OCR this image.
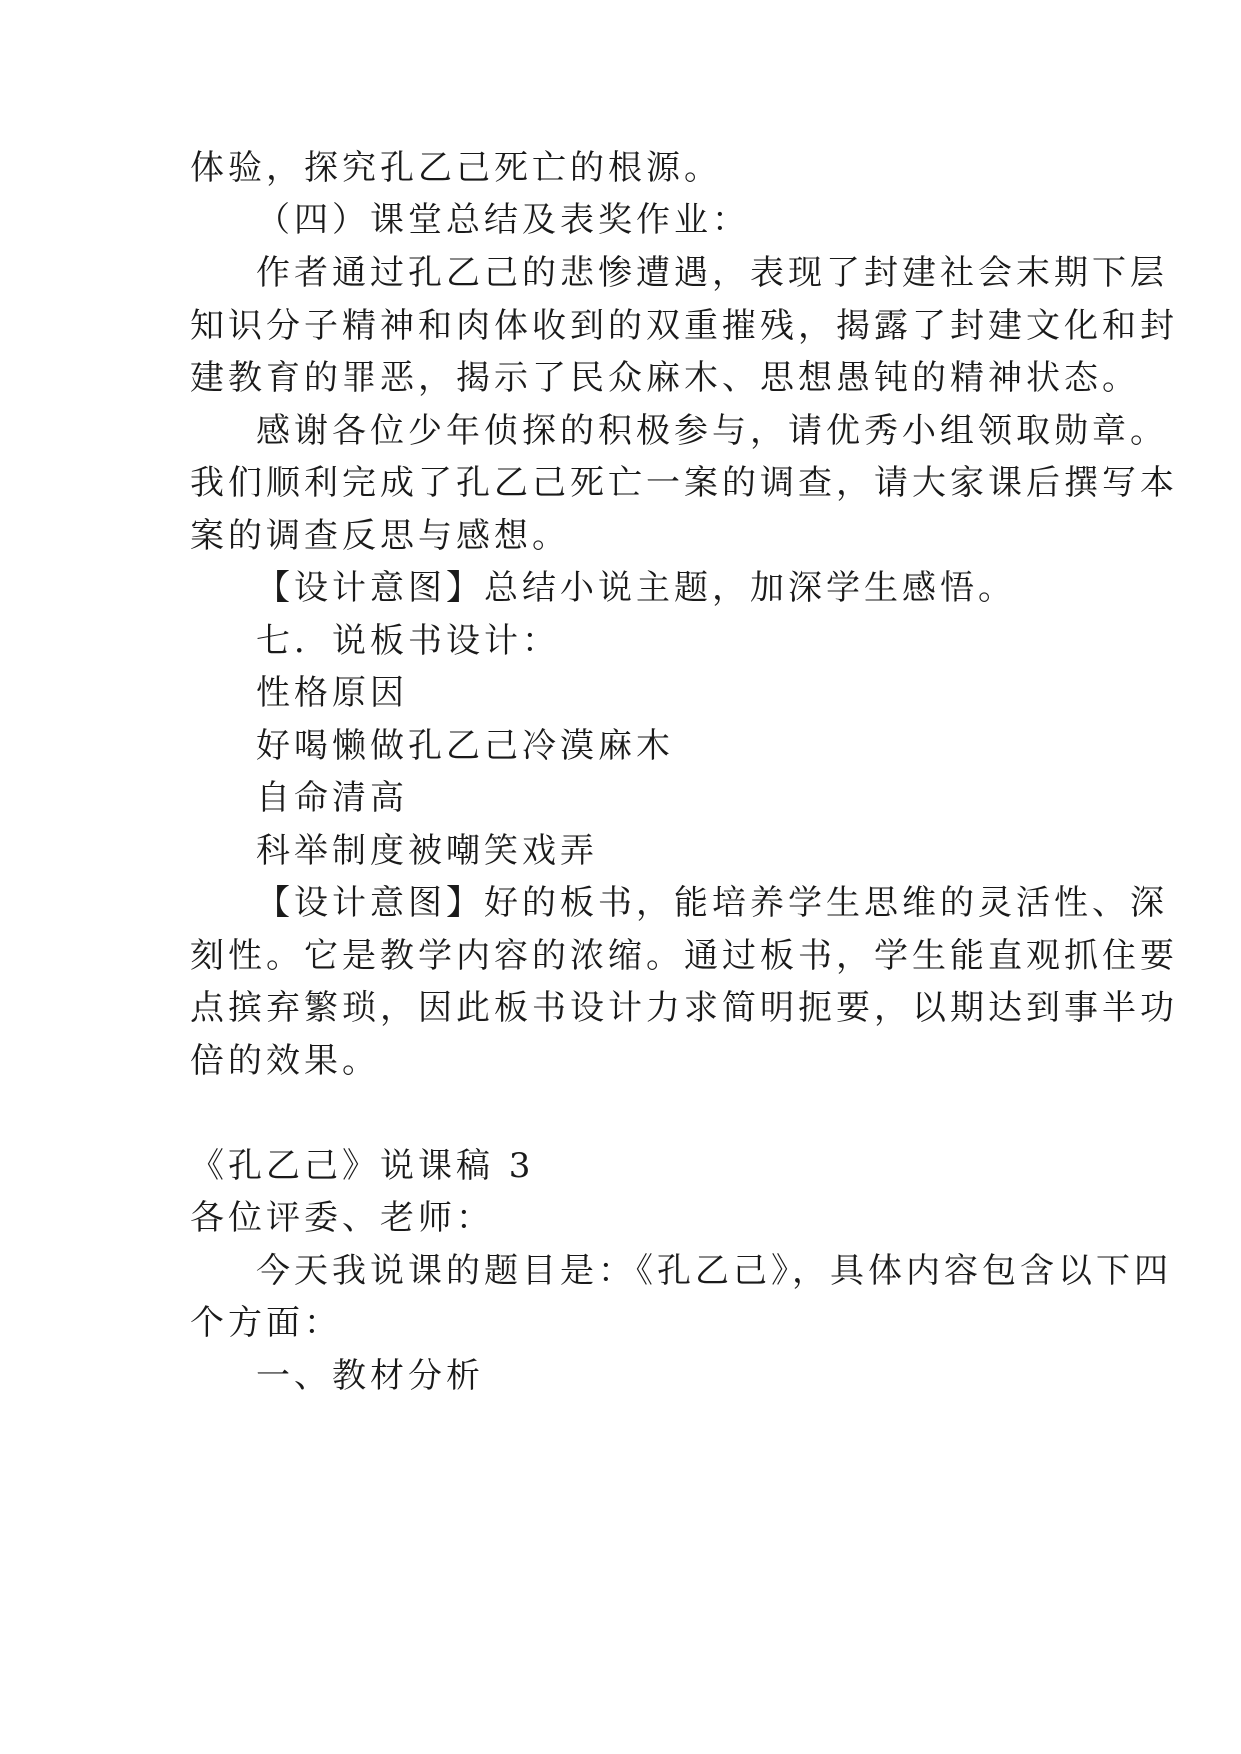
体验，探究孔乙己死亡的根源。
（四）课堂总结及表奖作业：
作者通过孔乙己的悲惨遭遇，表现了封建社会末期下层
知识分子精神和肉体收到的双重摧残，揭露了封建文化和封
建教育的罪恶，揭示了民众麻木、思想愚钝的精神状态。
感谢各位少年侦探的积极参与，请优秀小组领取勋章。
我们顺利完成了孔乙己死亡一案的调查，请大家课后撰写本
案的调查反思与感想。
【设计意图】总结小说主题，加深学生感悟。
七．说板书设计：
性格原因
好喝懒做孔乙己冷漠麻木
自命清高
科举制度被嘲笑戏弄
【设计意图】好的板书，能培养学生思维的灵活性、深
刻性。它是教学内容的浓缩。通过板书，学生能直观抓住要
点摈弃繁琐，因此板书设计力求简明扼要，以期达到事半功
倍的效果。
《孔乙己》说课稿 3
各位评委、老师：
今天我说课的题目是：《孔乙己》，具体内容包含以下四
个方面：
一、教材分析
